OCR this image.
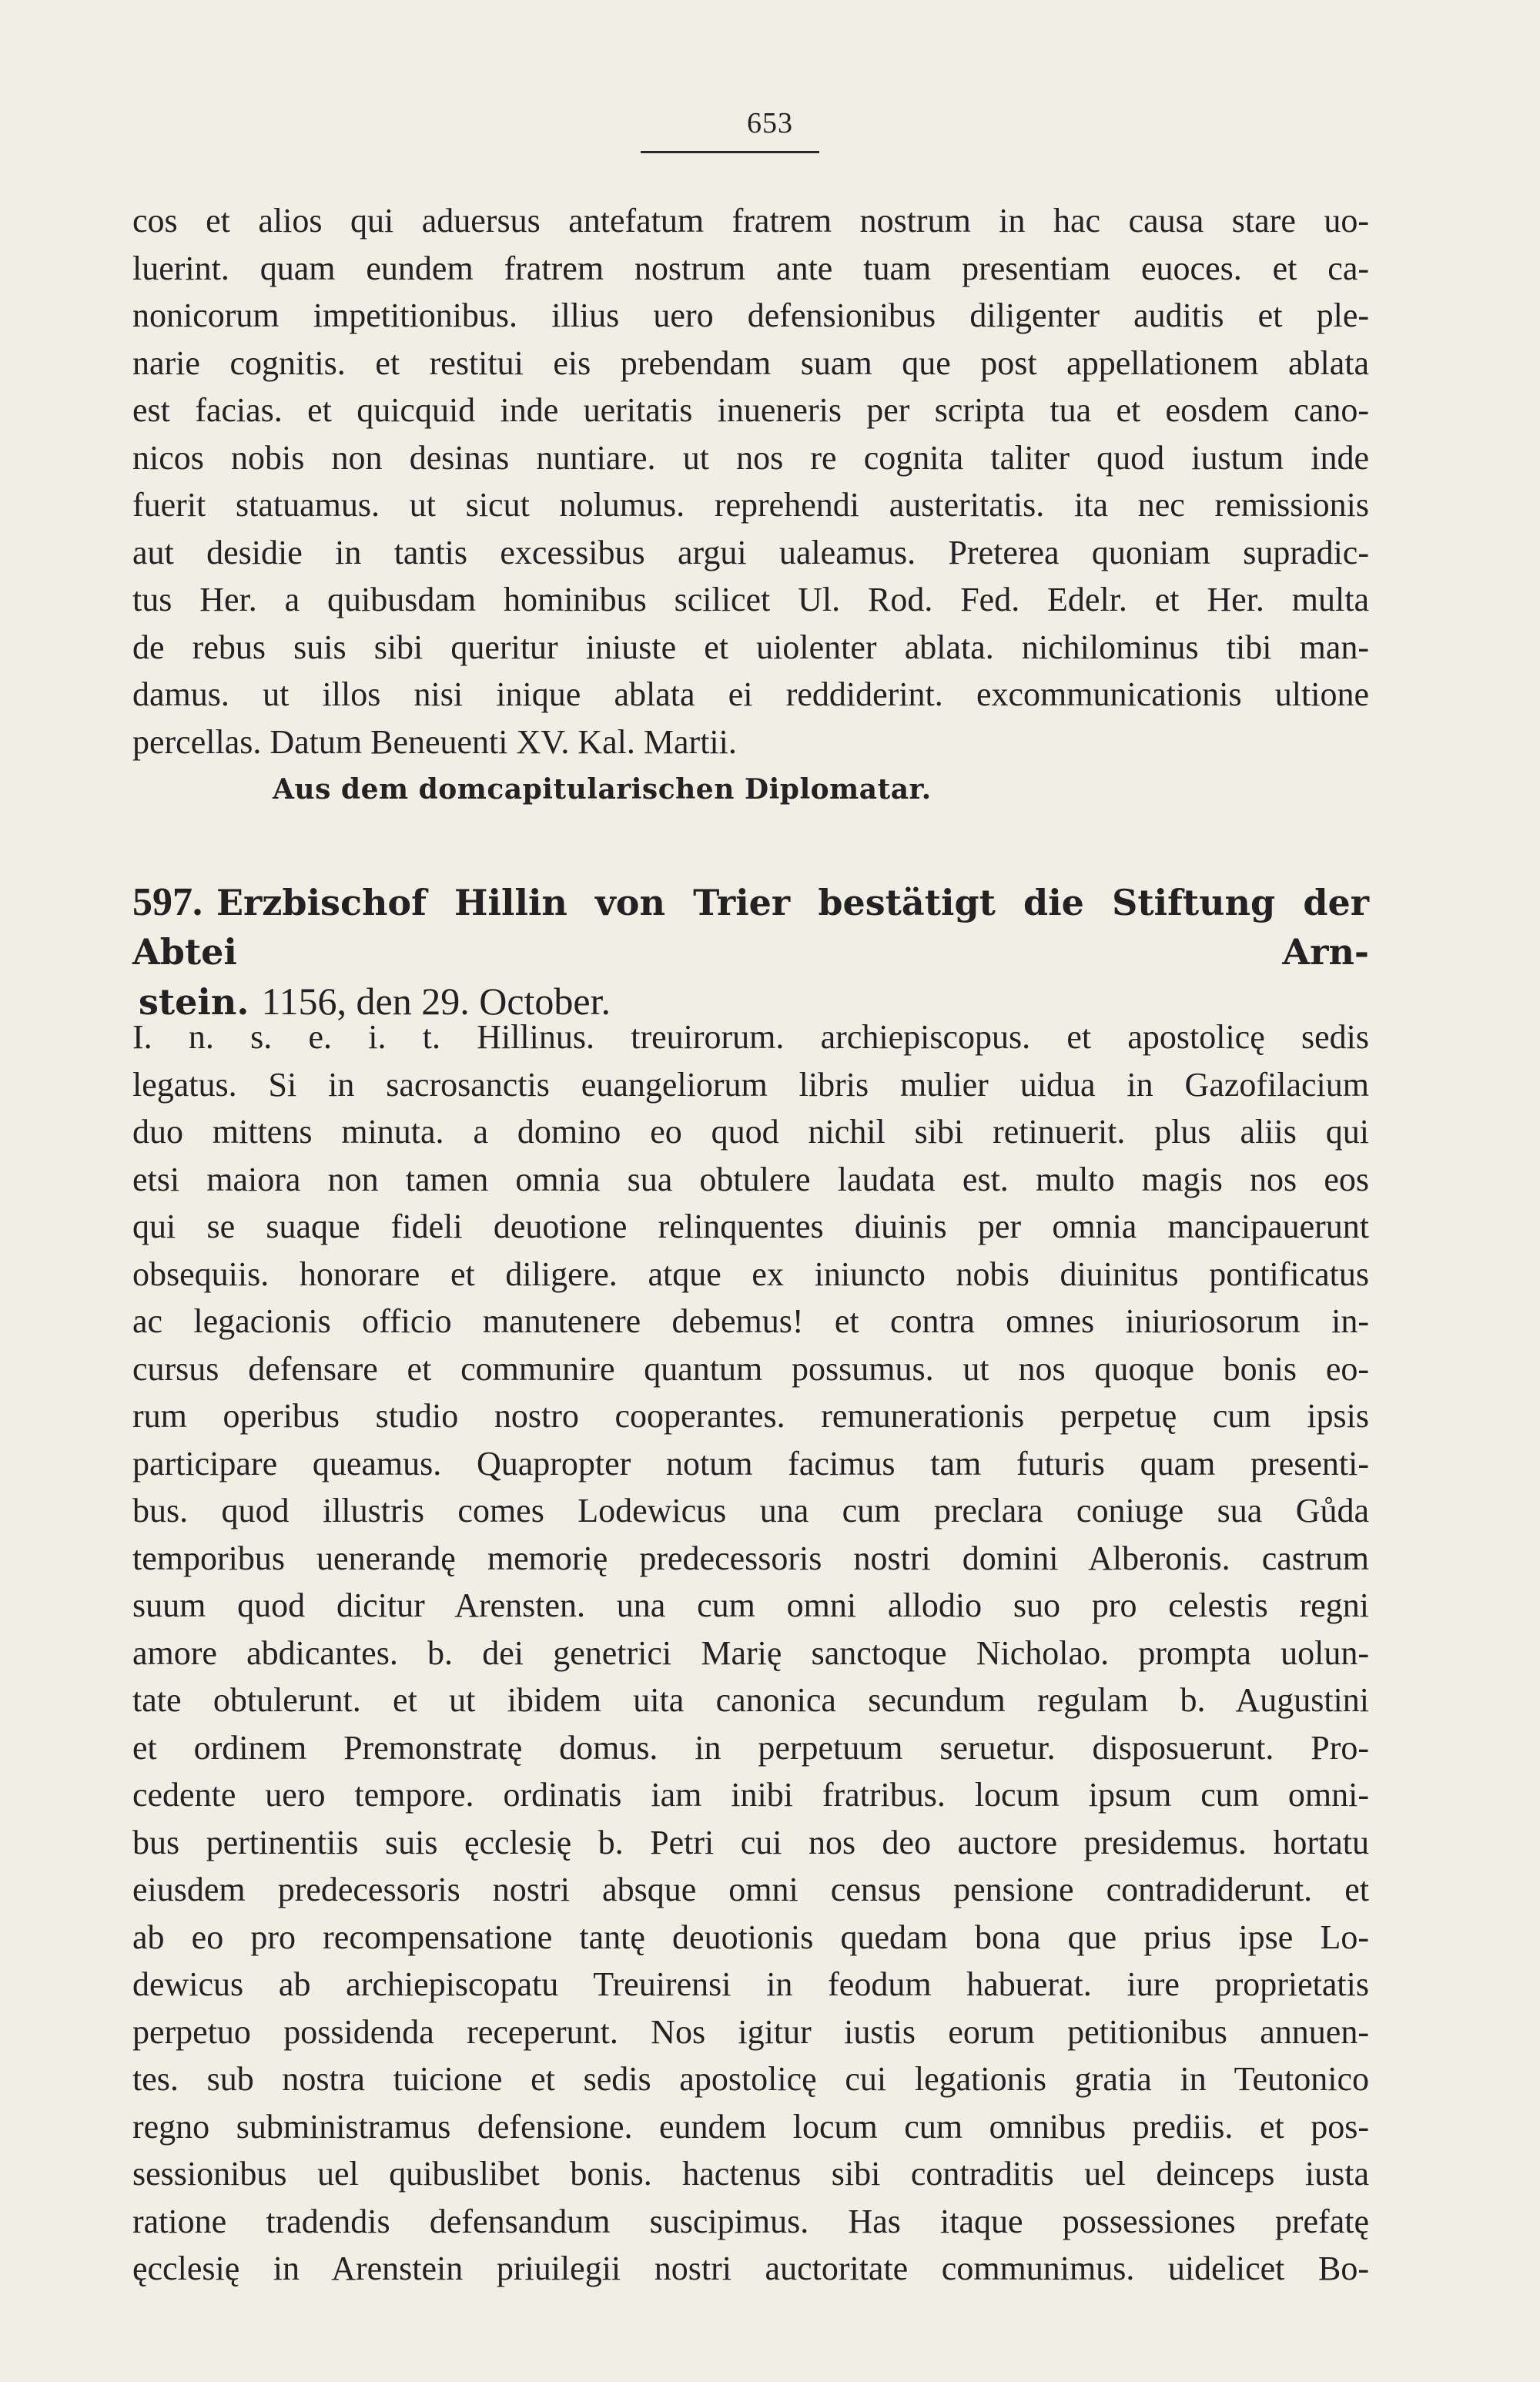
653

cos et alios qui aduersus antefatum fratrem nostrum in hac causa stare uo-

luerint. quam eundem fratrem nostrum ante tuam presentiam euoces. et ca-

nonicorum impetitionibus. illius uero defensionibus diligenter auditis et ple-

narie cognitis. et restitui eis prebendam suam que post appellationem ablata

est facias. et quicquid inde ueritatis inueneris per scripta tua et eosdem cano-

nicos nobis non desinas nuntiare. ut nos re cognita taliter quod iustum inde

fuerit statuamus. ut sicut nolumus. reprehendi austeritatis. ita nec remissionis

aut desidie in tantis excessibus argui ualeamus. Preterea quoniam supradic-

tus Her. a quibusdam hominibus scilicet Ul. Rod. Fed. Edelr. et Her. multa

de rebus suis sibi queritur iniuste et uiolenter ablata. nichilominus tibi man-

damus. ut illos nisi inique ablata ei reddiderint. excommunicationis ultione

percellas. Datum Beneuenti XV. Kal. Martii.

Aus dem domcapitularischen Diplomatar.
597. Erzbischof Hillin von Trier bestätigt die Stiftung der Abtei Arn-
stein. 1156, den 29. October.

I. n. s. e. i. t. Hillinus. treuirorum. archiepiscopus. et apostolicę sedis

legatus. Si in sacrosanctis euangeliorum libris mulier uidua in Gazofilacium

duo mittens minuta. a domino eo quod nichil sibi retinuerit. plus aliis qui

etsi maiora non tamen omnia sua obtulere laudata est. multo magis nos eos

qui se suaque fideli deuotione relinquentes diuinis per omnia mancipauerunt

obsequiis. honorare et diligere. atque ex iniuncto nobis diuinitus pontificatus

ac legacionis officio manutenere debemus! et contra omnes iniuriosorum in-

cursus defensare et communire quantum possumus. ut nos quoque bonis eo-

rum operibus studio nostro cooperantes. remunerationis perpetuę cum ipsis

participare queamus. Quapropter notum facimus tam futuris quam presenti-

bus. quod illustris comes Lodewicus una cum preclara coniuge sua Gůda

temporibus uenerandę memorię predecessoris nostri domini Alberonis. castrum

suum quod dicitur Arensten. una cum omni allodio suo pro celestis regni

amore abdicantes. b. dei genetrici Marię sanctoque Nicholao. prompta uolun-

tate obtulerunt. et ut ibidem uita canonica secundum regulam b. Augustini

et ordinem Premonstratę domus. in perpetuum seruetur. disposuerunt. Pro-

cedente uero tempore. ordinatis iam inibi fratribus. locum ipsum cum omni-

bus pertinentiis suis ęcclesię b. Petri cui nos deo auctore presidemus. hortatu

eiusdem predecessoris nostri absque omni census pensione contradiderunt. et

ab eo pro recompensatione tantę deuotionis quedam bona que prius ipse Lo-

dewicus ab archiepiscopatu Treuirensi in feodum habuerat. iure proprietatis

perpetuo possidenda receperunt. Nos igitur iustis eorum petitionibus annuen-

tes. sub nostra tuicione et sedis apostolicę cui legationis gratia in Teutonico

regno subministramus defensione. eundem locum cum omnibus prediis. et pos-

sessionibus uel quibuslibet bonis. hactenus sibi contraditis uel deinceps iusta

ratione tradendis defensandum suscipimus. Has itaque possessiones prefatę

ęcclesię in Arenstein priuilegii nostri auctoritate communimus. uidelicet Bo-
